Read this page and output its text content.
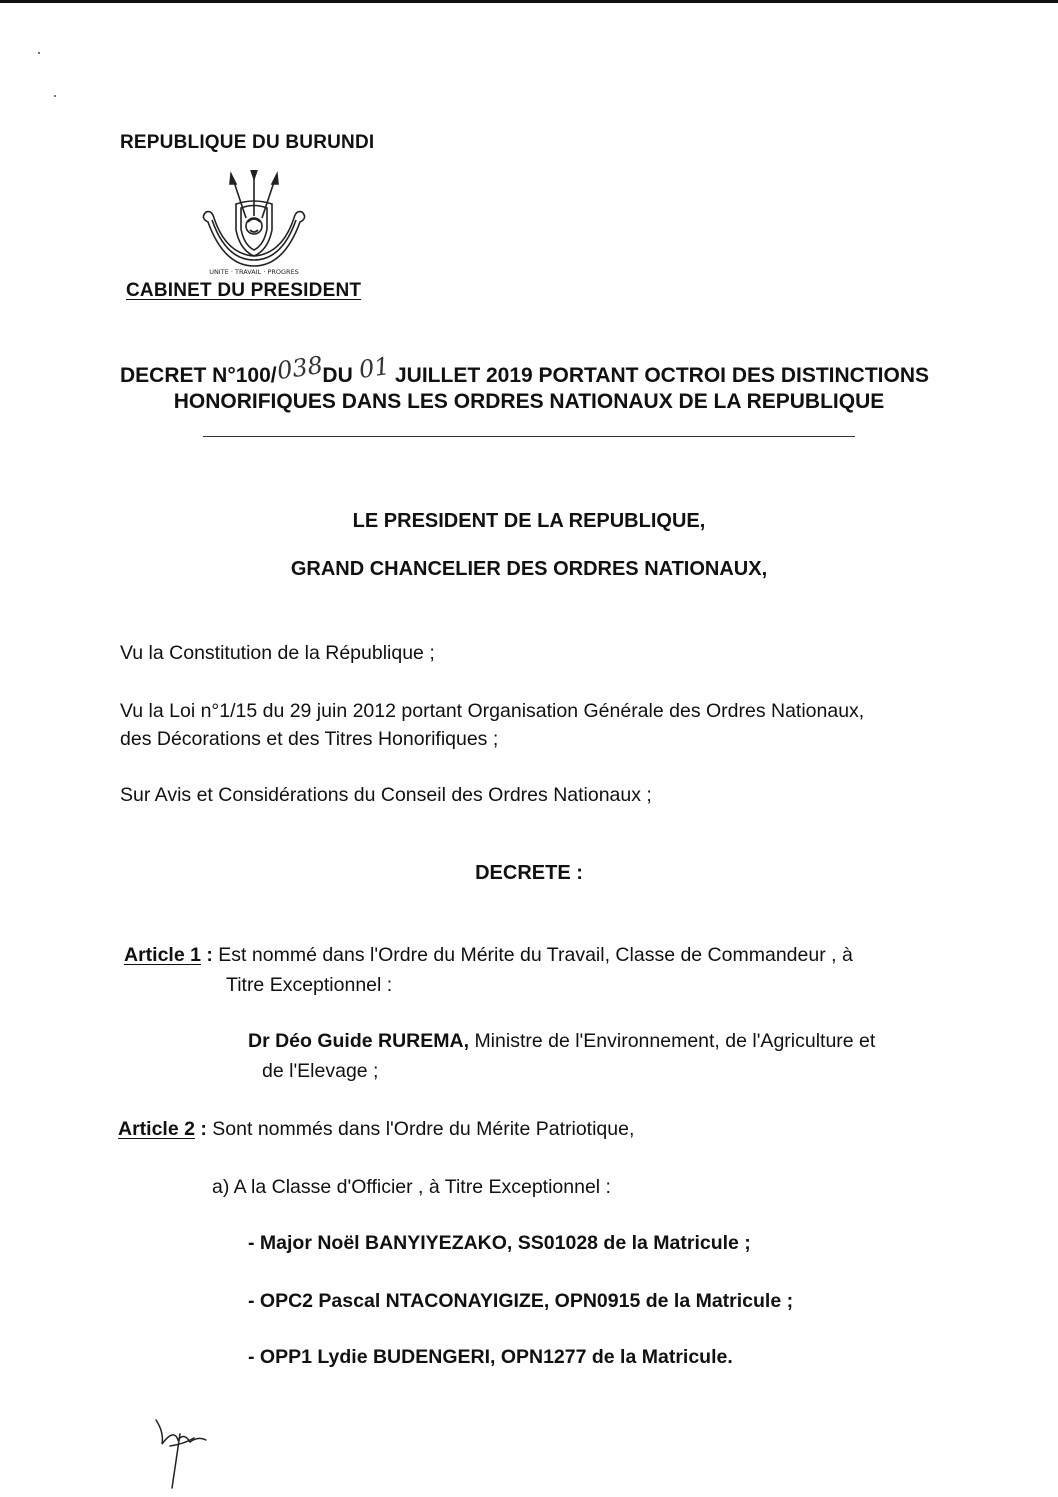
REPUBLIQUE DU BURUNDI
UNITE · TRAVAIL · PROGRES
CABINET DU PRESIDENT
DECRET N°100/038DU 01 JUILLET 2019 PORTANT OCTROI DES DISTINCTIONS
HONORIFIQUES DANS LES ORDRES NATIONAUX DE LA REPUBLIQUE
LE PRESIDENT DE LA REPUBLIQUE,
GRAND CHANCELIER DES ORDRES NATIONAUX,
Vu la Constitution de la République ;
Vu la Loi n°1/15 du 29 juin 2012 portant Organisation Générale des Ordres Nationaux,
des Décorations et des Titres Honorifiques ;
Sur Avis et Considérations du Conseil des Ordres Nationaux ;
DECRETE :
Article 1 : Est nommé dans l'Ordre du Mérite du Travail, Classe de Commandeur , à
Titre Exceptionnel :
Dr Déo Guide RUREMA, Ministre de l'Environnement, de l'Agriculture et
de l'Elevage ;
Article 2 : Sont nommés dans l'Ordre du Mérite Patriotique,
a) A la Classe d'Officier , à Titre Exceptionnel :
- Major Noël BANYIYEZAKO, SS01028 de la Matricule ;
- OPC2 Pascal NTACONAYIGIZE, OPN0915 de la Matricule ;
- OPP1 Lydie BUDENGERI, OPN1277 de la Matricule.
